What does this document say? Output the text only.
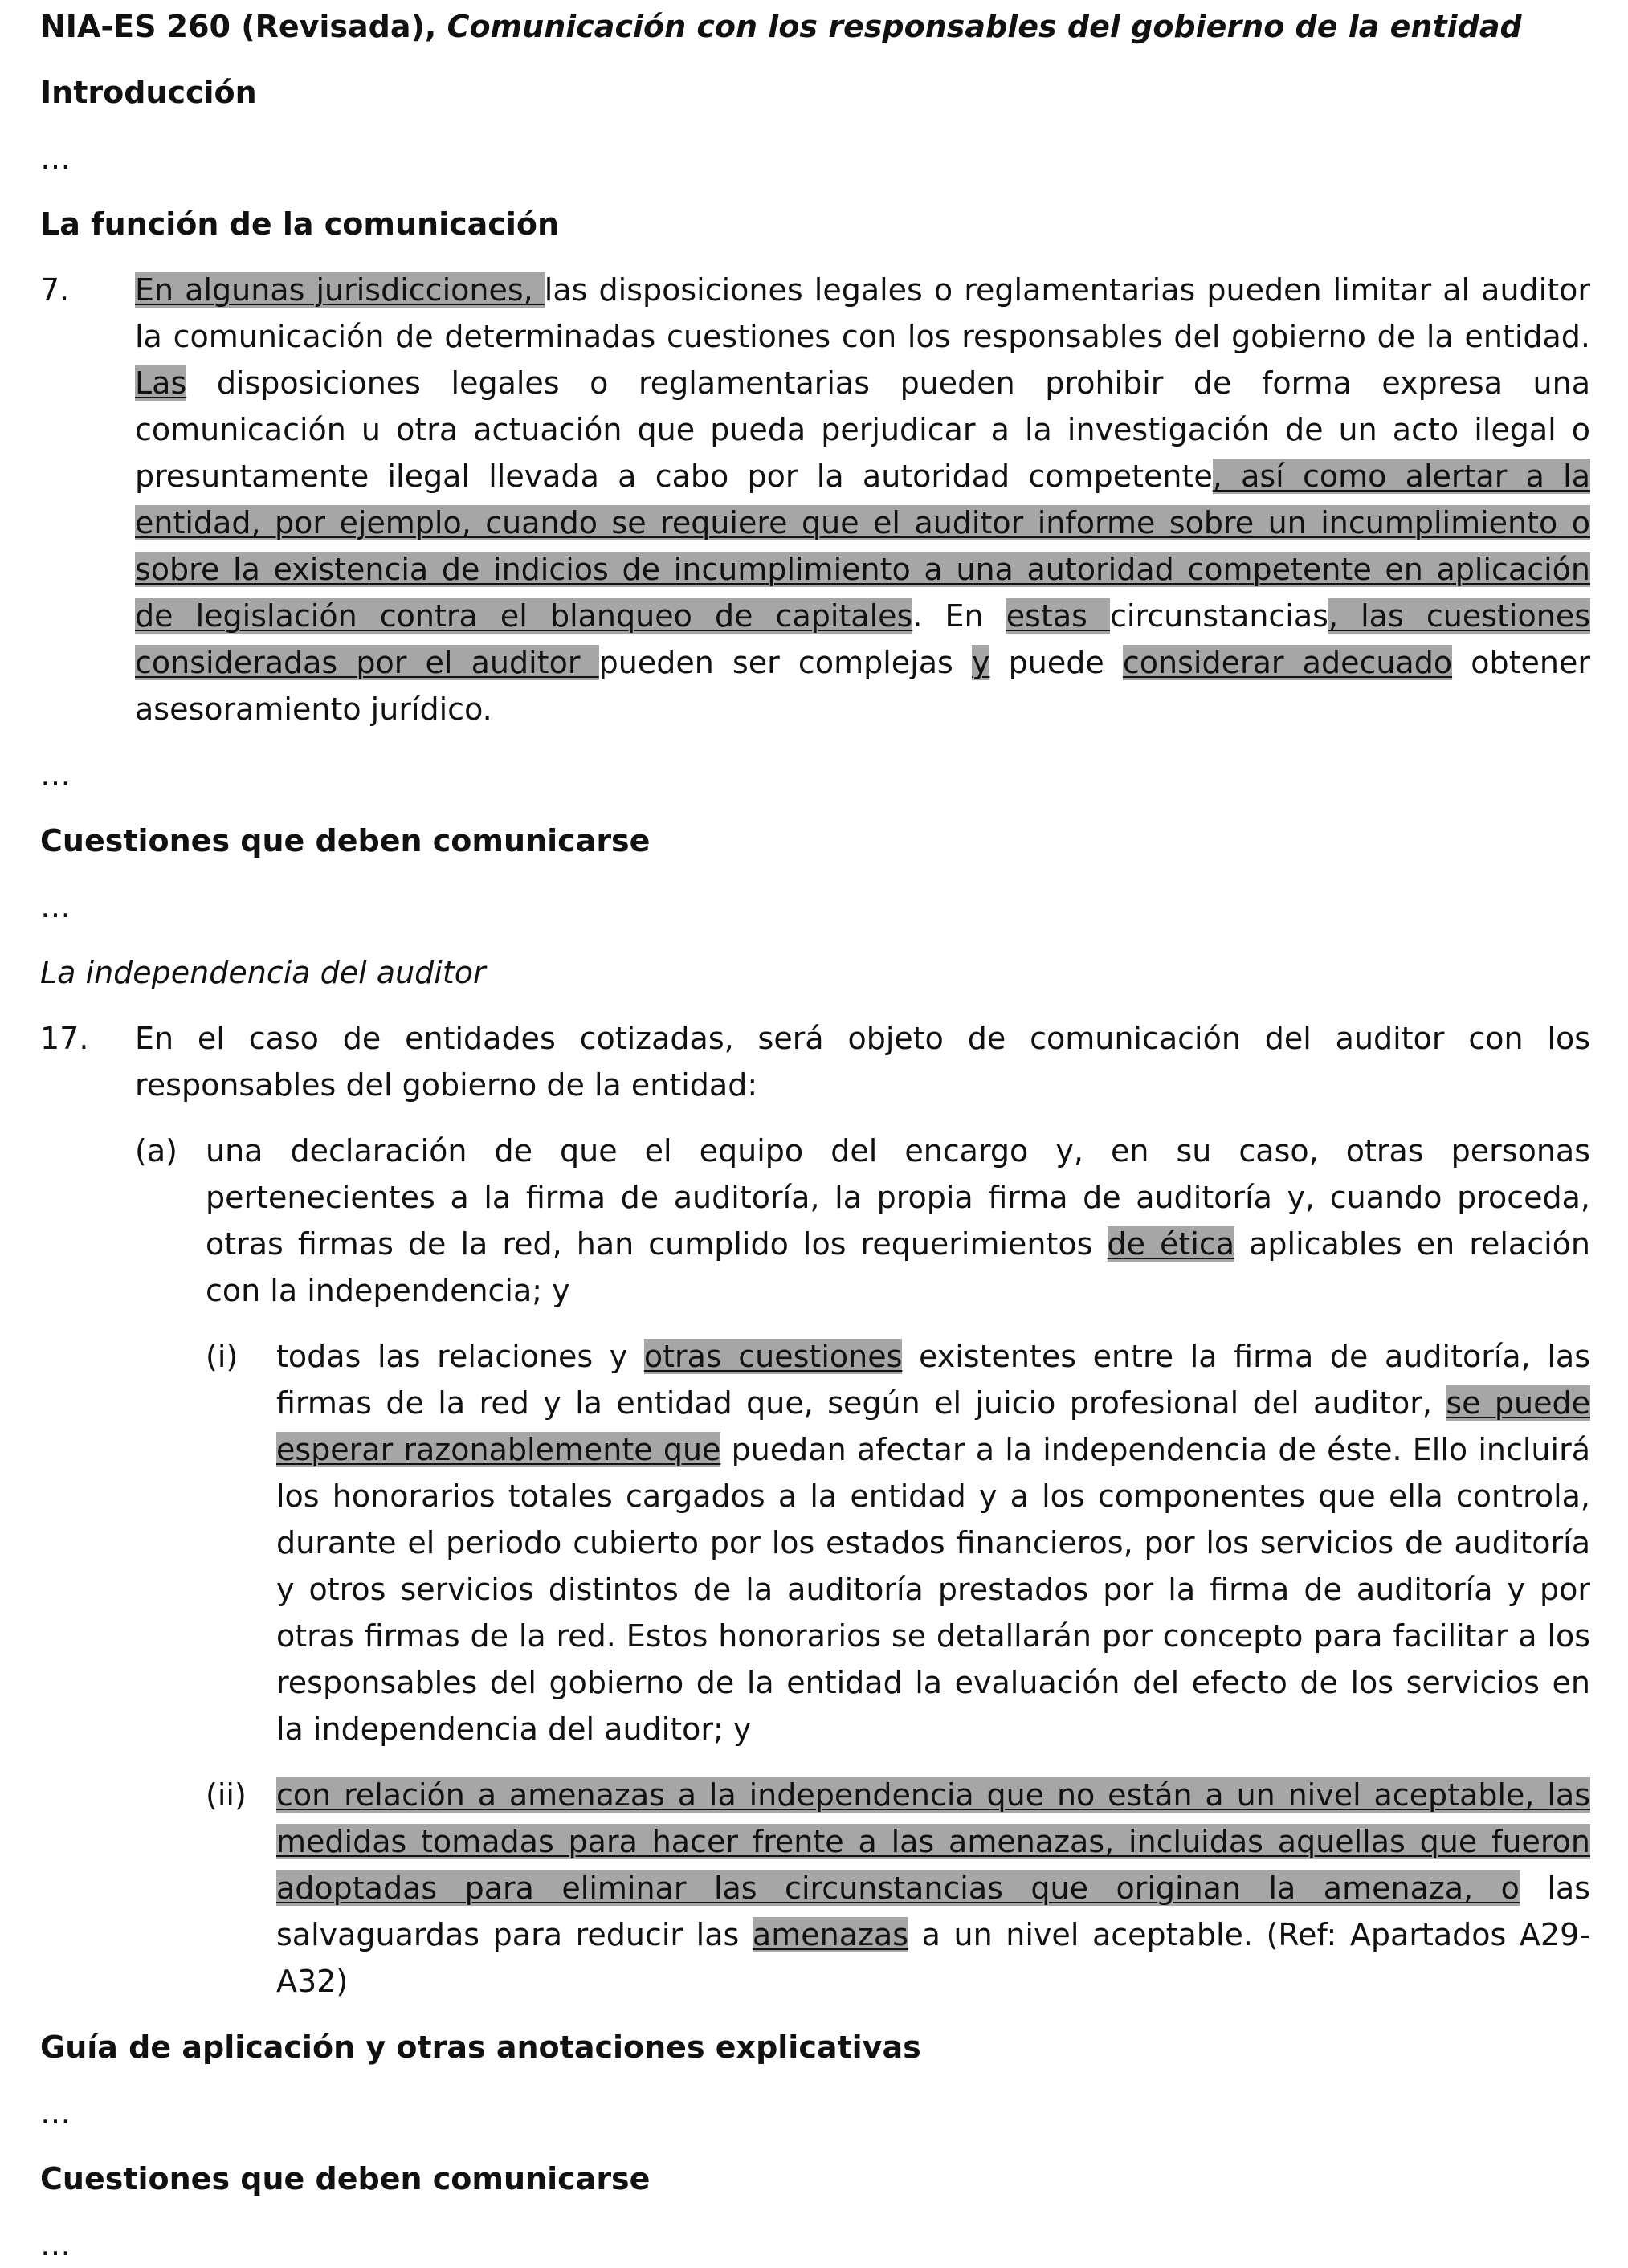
NIA-ES 260 (Revisada), Comunicación con los responsables del gobierno de la entidad
Introducción
…
La función de la comunicación
7.	En algunas jurisdicciones, las disposiciones legales o reglamentarias pueden limitar al auditor la comunicación de determinadas cuestiones con los responsables del gobierno de la entidad. Las disposiciones legales o reglamentarias pueden prohibir de forma expresa una comunicación u otra actuación que pueda perjudicar a la investigación de un acto ilegal o presuntamente ilegal llevada a cabo por la autoridad competente, así como alertar a la entidad, por ejemplo, cuando se requiere que el auditor informe sobre un incumplimiento o sobre la existencia de indicios de incumplimiento a una autoridad competente en aplicación de legislación contra el blanqueo de capitales. En estas circunstancias, las cuestiones consideradas por el auditor pueden ser complejas y puede considerar adecuado obtener asesoramiento jurídico.
…
Cuestiones que deben comunicarse
…
La independencia del auditor
17.	En el caso de entidades cotizadas, será objeto de comunicación del auditor con los responsables del gobierno de la entidad:
(a) una declaración de que el equipo del encargo y, en su caso, otras personas pertenecientes a la firma de auditoría, la propia firma de auditoría y, cuando proceda, otras firmas de la red, han cumplido los requerimientos de ética aplicables en relación con la independencia; y
(i)	todas las relaciones y otras cuestiones existentes entre la firma de auditoría, las firmas de la red y la entidad que, según el juicio profesional del auditor, se puede esperar razonablemente que puedan afectar a la independencia de éste. Ello incluirá los honorarios totales cargados a la entidad y a los componentes que ella controla, durante el periodo cubierto por los estados financieros, por los servicios de auditoría y otros servicios distintos de la auditoría prestados por la firma de auditoría y por otras firmas de la red. Estos honorarios se detallarán por concepto para facilitar a los responsables del gobierno de la entidad la evaluación del efecto de los servicios en la independencia del auditor; y
(ii) con relación a amenazas a la independencia que no están a un nivel aceptable, las medidas tomadas para hacer frente a las amenazas, incluidas aquellas que fueron adoptadas para eliminar las circunstancias que originan la amenaza, o las salvaguardas para reducir las amenazas a un nivel aceptable. (Ref: Apartados A29-A32)
Guía de aplicación y otras anotaciones explicativas
…
Cuestiones que deben comunicarse
…
